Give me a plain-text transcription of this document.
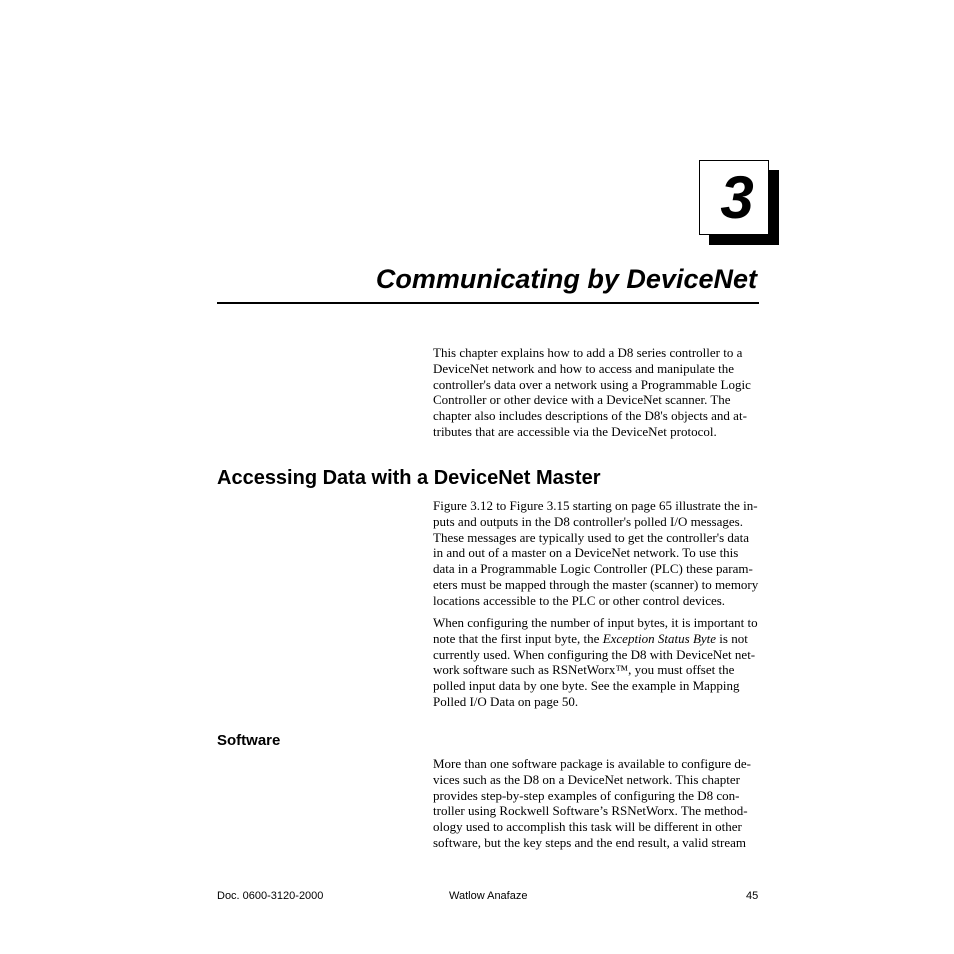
3
Communicating by DeviceNet

This chapter explains how to add a D8 series controller to a
DeviceNet network and how to access and manipulate the
controller's data over a network using a Programmable Logic
Controller or other device with a DeviceNet scanner. The
chapter also includes descriptions of the D8's objects and at-
tributes that are accessible via the DeviceNet protocol.

Accessing Data with a DeviceNet Master

Figure 3.12 to Figure 3.15 starting on page 65 illustrate the in-
puts and outputs in the D8 controller's polled I/O messages.
These messages are typically used to get the controller's data
in and out of a master on a DeviceNet network. To use this
data in a Programmable Logic Controller (PLC) these param-
eters must be mapped through the master (scanner) to memory
locations accessible to the PLC or other control devices.

When configuring the number of input bytes, it is important to
note that the first input byte, the Exception Status Byte is not
currently used. When configuring the D8 with DeviceNet net-
work software such as RSNetWorx™, you must offset the
polled input data by one byte. See the example in Mapping
Polled I/O Data on page 50.

Software

More than one software package is available to configure de-
vices such as the D8 on a DeviceNet network. This chapter
provides step-by-step examples of configuring the D8 con-
troller using Rockwell Software’s RSNetWorx. The method-
ology used to accomplish this task will be different in other
software, but the key steps and the end result, a valid stream

Doc. 0600-3120-2000	Watlow Anafaze	45
